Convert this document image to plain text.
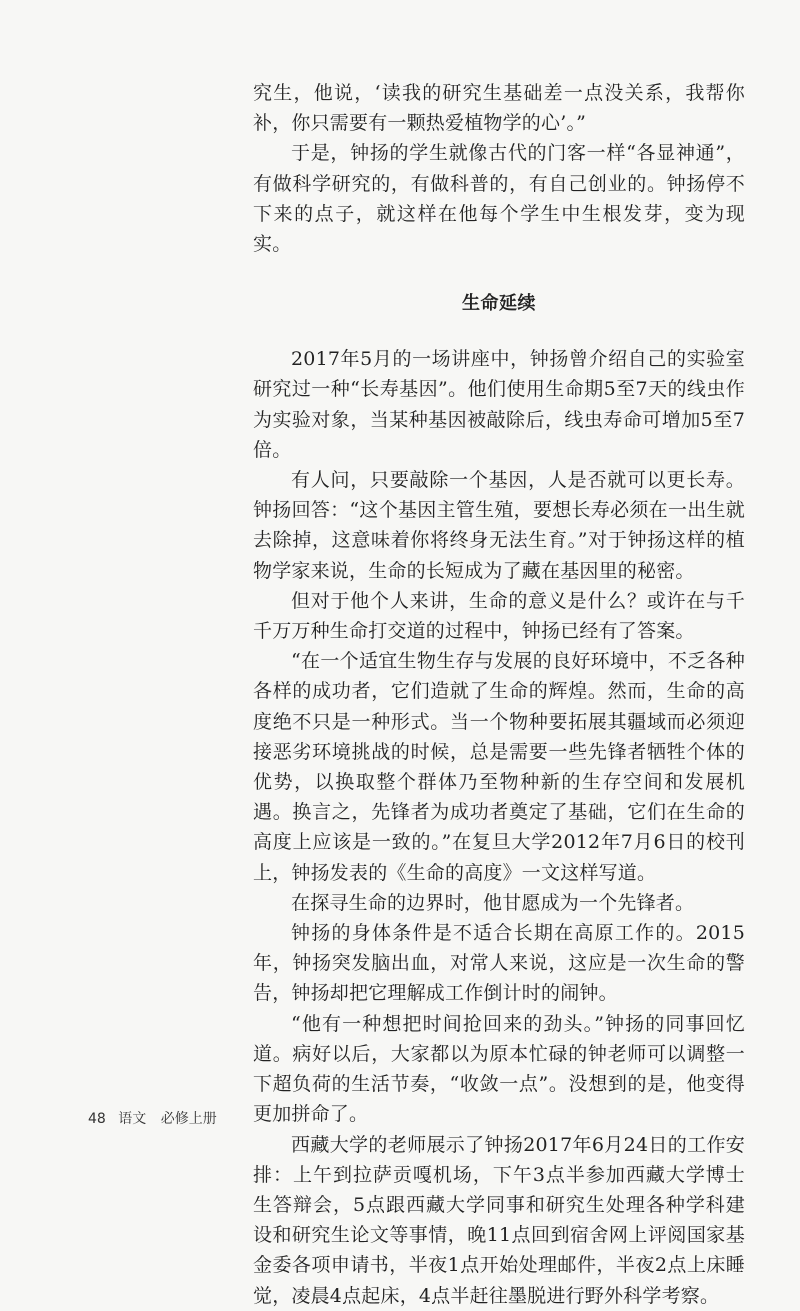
究生，他说，‘读我的研究生基础差一点没关系，我帮你补，你只需要有一颗热爱植物学的心’。”

于是，钟扬的学生就像古代的门客一样“各显神通”，有做科学研究的，有做科普的，有自己创业的。钟扬停不下来的点子，就这样在他每个学生中生根发芽，变为现实。

生命延续

2017年5月的一场讲座中，钟扬曾介绍自己的实验室研究过一种“长寿基因”。他们使用生命期5至7天的线虫作为实验对象，当某种基因被敲除后，线虫寿命可增加5至7倍。

有人问，只要敲除一个基因，人是否就可以更长寿。钟扬回答：“这个基因主管生殖，要想长寿必须在一出生就去除掉，这意味着你将终身无法生育。”对于钟扬这样的植物学家来说，生命的长短成为了藏在基因里的秘密。

但对于他个人来讲，生命的意义是什么？或许在与千千万万种生命打交道的过程中，钟扬已经有了答案。

“在一个适宜生物生存与发展的良好环境中，不乏各种各样的成功者，它们造就了生命的辉煌。然而，生命的高度绝不只是一种形式。当一个物种要拓展其疆域而必须迎接恶劣环境挑战的时候，总是需要一些先锋者牺牲个体的优势，以换取整个群体乃至物种新的生存空间和发展机遇。换言之，先锋者为成功者奠定了基础，它们在生命的高度上应该是一致的。”在复旦大学2012年7月6日的校刊上，钟扬发表的《生命的高度》一文这样写道。

在探寻生命的边界时，他甘愿成为一个先锋者。

钟扬的身体条件是不适合长期在高原工作的。2015年，钟扬突发脑出血，对常人来说，这应是一次生命的警告，钟扬却把它理解成工作倒计时的闹钟。

“他有一种想把时间抢回来的劲头。”钟扬的同事回忆道。病好以后，大家都以为原本忙碌的钟老师可以调整一下超负荷的生活节奏，“收敛一点”。没想到的是，他变得更加拼命了。

西藏大学的老师展示了钟扬2017年6月24日的工作安排：上午到拉萨贡嘎机场，下午3点半参加西藏大学博士生答辩会，5点跟西藏大学同事和研究生处理各种学科建设和研究生论文等事情，晚11点回到宿舍网上评阅国家基金委各项申请书，半夜1点开始处理邮件，半夜2点上床睡觉，凌晨4点起床，4点半赶往墨脱进行野外科学考察。

48 语文 必修上册
